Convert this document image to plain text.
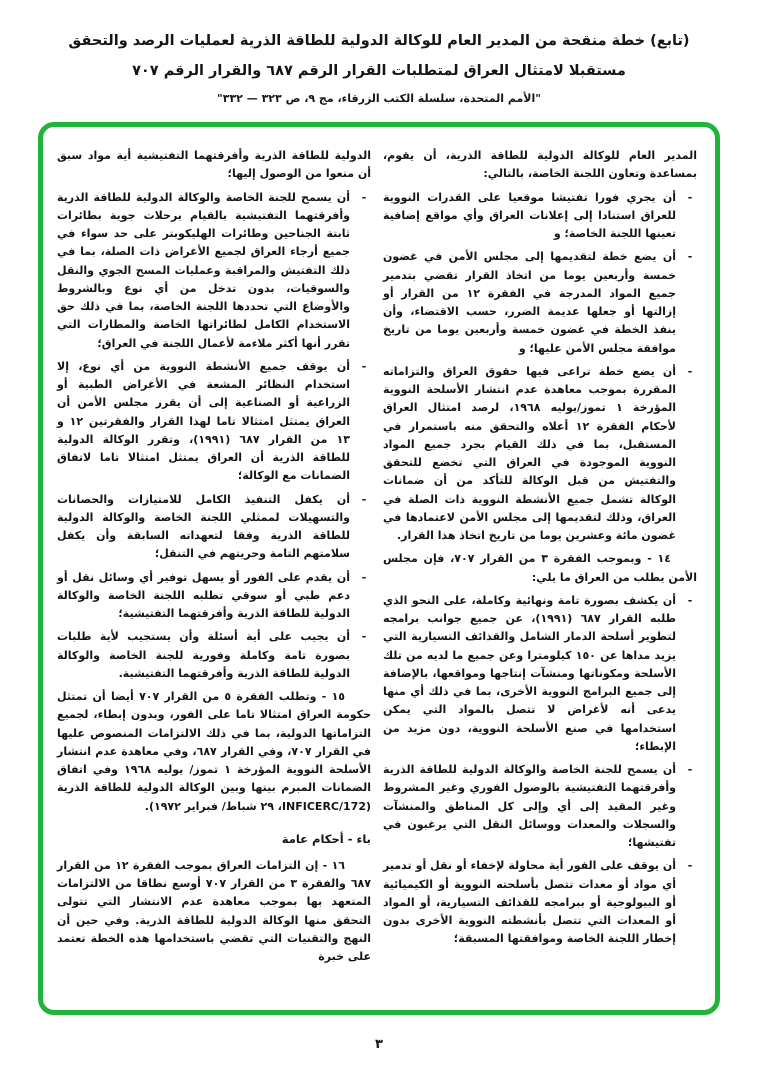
(تابع) خطة منقحة من المدير العام للوكالة الدولية للطاقة الذرية لعمليات الرصد والتحقق
مستقبلا لامتثال العراق لمتطلبات القرار الرقم ٦٨٧ والقرار الرقم ٧٠٧
"الأمم المتحدة، سلسلة الكتب الزرقاء، مج ٩، ص ٣٢٣ — ٣٣٢"

المدير العام للوكالة الدولية للطاقة الذرية، أن يقوم، بمساعدة وتعاون اللجنة الخاصة، بالتالي:

-

أن يجري فورا تفتيشا موقعيا على القدرات النووية للعراق استنادا إلى إعلانات العراق وأي مواقع إضافية تعينها اللجنة الخاصة؛ و

-

أن يضع خطة لتقديمها إلى مجلس الأمن في غضون خمسة وأربعين يوما من اتخاذ القرار تقضي بتدمير جميع المواد المدرجة في الفقرة ١٢ من القرار أو إزالتها أو جعلها عديمة الضرر، حسب الاقتضاء، وأن ينفذ الخطة في غضون خمسة وأربعين يوما من تاريخ موافقة مجلس الأمن عليها؛ و

-

أن يضع خطة تراعى فيها حقوق العراق والتزاماته المقررة بموجب معاهدة عدم انتشار الأسلحة النووية المؤرخة ١ تموز/يوليه ١٩٦٨، لرصد امتثال العراق لأحكام الفقرة ١٢ أعلاه والتحقق منه باستمرار في المستقبل، بما في ذلك القيام بجرد جميع المواد النووية الموجودة في العراق التي تخضع للتحقق والتفتيش من قبل الوكالة للتأكد من أن ضمانات الوكالة تشمل جميع الأنشطة النووية ذات الصلة في العراق، وذلك لتقديمها إلى مجلس الأمن لاعتمادها في غضون مائة وعشرين يوما من تاريخ اتخاذ هذا القرار.

١٤ - وبموجب الفقرة ٣ من القرار ٧٠٧، فإن مجلس الأمن يطلب من العراق ما يلي:

-

أن يكشف بصورة تامة ونهائية وكاملة، على النحو الذي طلبه القرار ٦٨٧ (١٩٩١)، عن جميع جوانب برامجه لتطوير أسلحة الدمار الشامل والقذائف التسيارية التي يزيد مداها عن ١٥٠ كيلومترا وعن جميع ما لديه من تلك الأسلحة ومكوناتها ومنشآت إنتاجها ومواقعها، بالإضافة إلى جميع البرامج النووية الأخرى، بما في ذلك أي منها يدعى أنه لأغراض لا تتصل بالمواد التي يمكن استخدامها في صنع الأسلحة النووية، دون مزيد من الإبطاء؛

-

أن يسمح للجنة الخاصة والوكالة الدولية للطاقة الذرية وأفرقتهما التفتيشية بالوصول الفوري وغير المشروط وغير المقيد إلى أي وإلى كل المناطق والمنشآت والسجلات والمعدات ووسائل النقل التي يرغبون في تفتيشها؛

-

أن يوقف على الفور أية محاولة لإخفاء أو نقل أو تدمير أي مواد أو معدات تتصل بأسلحته النووية أو الكيميائية أو البيولوجية أو ببرامجه للقذائف التسيارية، أو المواد أو المعدات التي تتصل بأنشطته النووية الأخرى بدون إخطار اللجنة الخاصة وموافقتها المسبقة؛

الدولية للطاقة الذرية وأفرقتهما التفتيشية أية مواد سبق أن منعوا من الوصول إليها؛

-

أن يسمح للجنة الخاصة والوكالة الدولية للطاقة الذرية وأفرقتهما التفتيشية بالقيام برحلات جوية بطائرات ثابتة الجناحين وطائرات الهليكوبتر على حد سواء في جميع أرجاء العراق لجميع الأغراض ذات الصلة، بما في ذلك التفتيش والمراقبة وعمليات المسح الجوي والنقل والسوقيات، بدون تدخل من أي نوع وبالشروط والأوضاع التي تحددها اللجنة الخاصة، بما في ذلك حق الاستخدام الكامل لطائراتها الخاصة والمطارات التي تقرر أنها أكثر ملاءمة لأعمال اللجنة في العراق؛

-

أن يوقف جميع الأنشطة النووية من أي نوع، إلا استخدام النظائر المشعة في الأغراض الطبية أو الزراعية أو الصناعية إلى أن يقرر مجلس الأمن أن العراق يمتثل امتثالا تاما لهذا القرار والفقرتين ١٢ و ١٣ من القرار ٦٨٧ (١٩٩١)، وتقرر الوكالة الدولية للطاقة الذرية أن العراق يمتثل امتثالا تاما لاتفاق الضمانات مع الوكالة؛

-

أن يكفل التنفيذ الكامل للامتيازات والحصانات والتسهيلات لممثلي اللجنة الخاصة والوكالة الدولية للطاقة الذرية وفقا لتعهداته السابقة وأن يكفل سلامتهم التامة وحريتهم في التنقل؛

-

أن يقدم على الفور أو يسهل توفير أي وسائل نقل أو دعم طبي أو سوقي تطلبه اللجنة الخاصة والوكالة الدولية للطاقة الذرية وأفرقتهما التفتيشية؛

-

أن يجيب على أية أسئلة وأن يستجيب لأية طلبات بصورة تامة وكاملة وفورية للجنة الخاصة والوكالة الدولية للطاقة الذرية وأفرقتهما التفتيشية.

١٥ - وتطلب الفقرة ٥ من القرار ٧٠٧ أيضا أن تمتثل حكومة العراق امتثالا تاما على الفور، وبدون إبطاء، لجميع التزاماتها الدولية، بما في ذلك الالتزامات المنصوص عليها في القرار ٧٠٧، وفي القرار ٦٨٧، وفي معاهدة عدم انتشار الأسلحة النووية المؤرخة ١ تموز/ يوليه ١٩٦٨ وفي اتفاق الضمانات المبرم بينها وبين الوكالة الدولية للطاقة الذرية (INFICERC/172، ٢٩ شباط/ فبراير ١٩٧٢).

باء - أحكام عامة

١٦ - إن التزامات العراق بموجب الفقرة ١٢ من القرار ٦٨٧ والفقرة ٣ من القرار ٧٠٧ أوسع نطاقا من الالتزامات المتعهد بها بموجب معاهدة عدم الانتشار التي تتولى التحقق منها الوكالة الدولية للطاقة الذرية. وفي حين أن النهج والتقنيات التي تقضي باستخدامها هذه الخطة تعتمد على خبرة

٣
